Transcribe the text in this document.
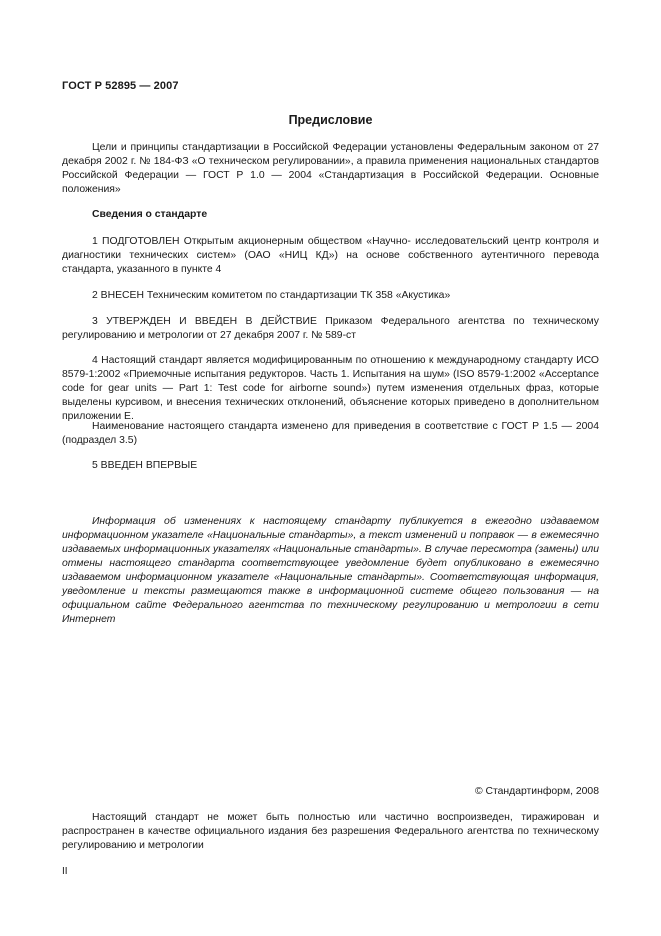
ГОСТ Р 52895 — 2007
Предисловие

Цели и принципы стандартизации в Российской Федерации установлены Федеральным законом от 27 декабря 2002 г. № 184-ФЗ «О техническом регулировании», а правила применения национальных стандартов Российской Федерации — ГОСТ Р 1.0 — 2004 «Стандартизация в Российской Федерации. Основные положения»

Сведения о стандарте

1 ПОДГОТОВЛЕН Открытым акционерным обществом «Научно- исследовательский центр контроля и диагностики технических систем» (ОАО «НИЦ КД») на основе собственного аутентичного перевода стандарта, указанного в пункте 4

2 ВНЕСЕН Техническим комитетом по стандартизации ТК 358 «Акустика»

3 УТВЕРЖДЕН И ВВЕДЕН В ДЕЙСТВИЕ Приказом Федерального агентства по техническому регулированию и метрологии от 27 декабря 2007 г. № 589-ст

4 Настоящий стандарт является модифицированным по отношению к международному стандарту ИСО 8579-1:2002 «Приемочные испытания редукторов. Часть 1. Испытания на шум» (ISO 8579-1:2002 «Acceptance code for gear units — Part 1: Test code for airborne sound») путем изменения отдельных фраз, которые выделены курсивом, и внесения технических отклонений, объяснение которых приведено в дополнительном приложении Е.

Наименование настоящего стандарта изменено для приведения в соответствие с ГОСТ Р 1.5 — 2004 (подраздел 3.5)

5 ВВЕДЕН ВПЕРВЫЕ

Информация об изменениях к настоящему стандарту публикуется в ежегодно издаваемом информационном указателе «Национальные стандарты», а текст изменений и поправок — в ежемесячно издаваемых информационных указателях «Национальные стандарты». В случае пересмотра (замены) или отмены настоящего стандарта соответствующее уведомление будет опубликовано в ежемесячно издаваемом информационном указателе «Национальные стандарты». Соответствующая информация, уведомление и тексты размещаются также в информационной системе общего пользования — на официальном сайте Федерального агентства по техническому регулированию и метрологии в сети Интернет

© Стандартинформ, 2008

Настоящий стандарт не может быть полностью или частично воспроизведен, тиражирован и распространен в качестве официального издания без разрешения Федерального агентства по техническому регулированию и метрологии

II
